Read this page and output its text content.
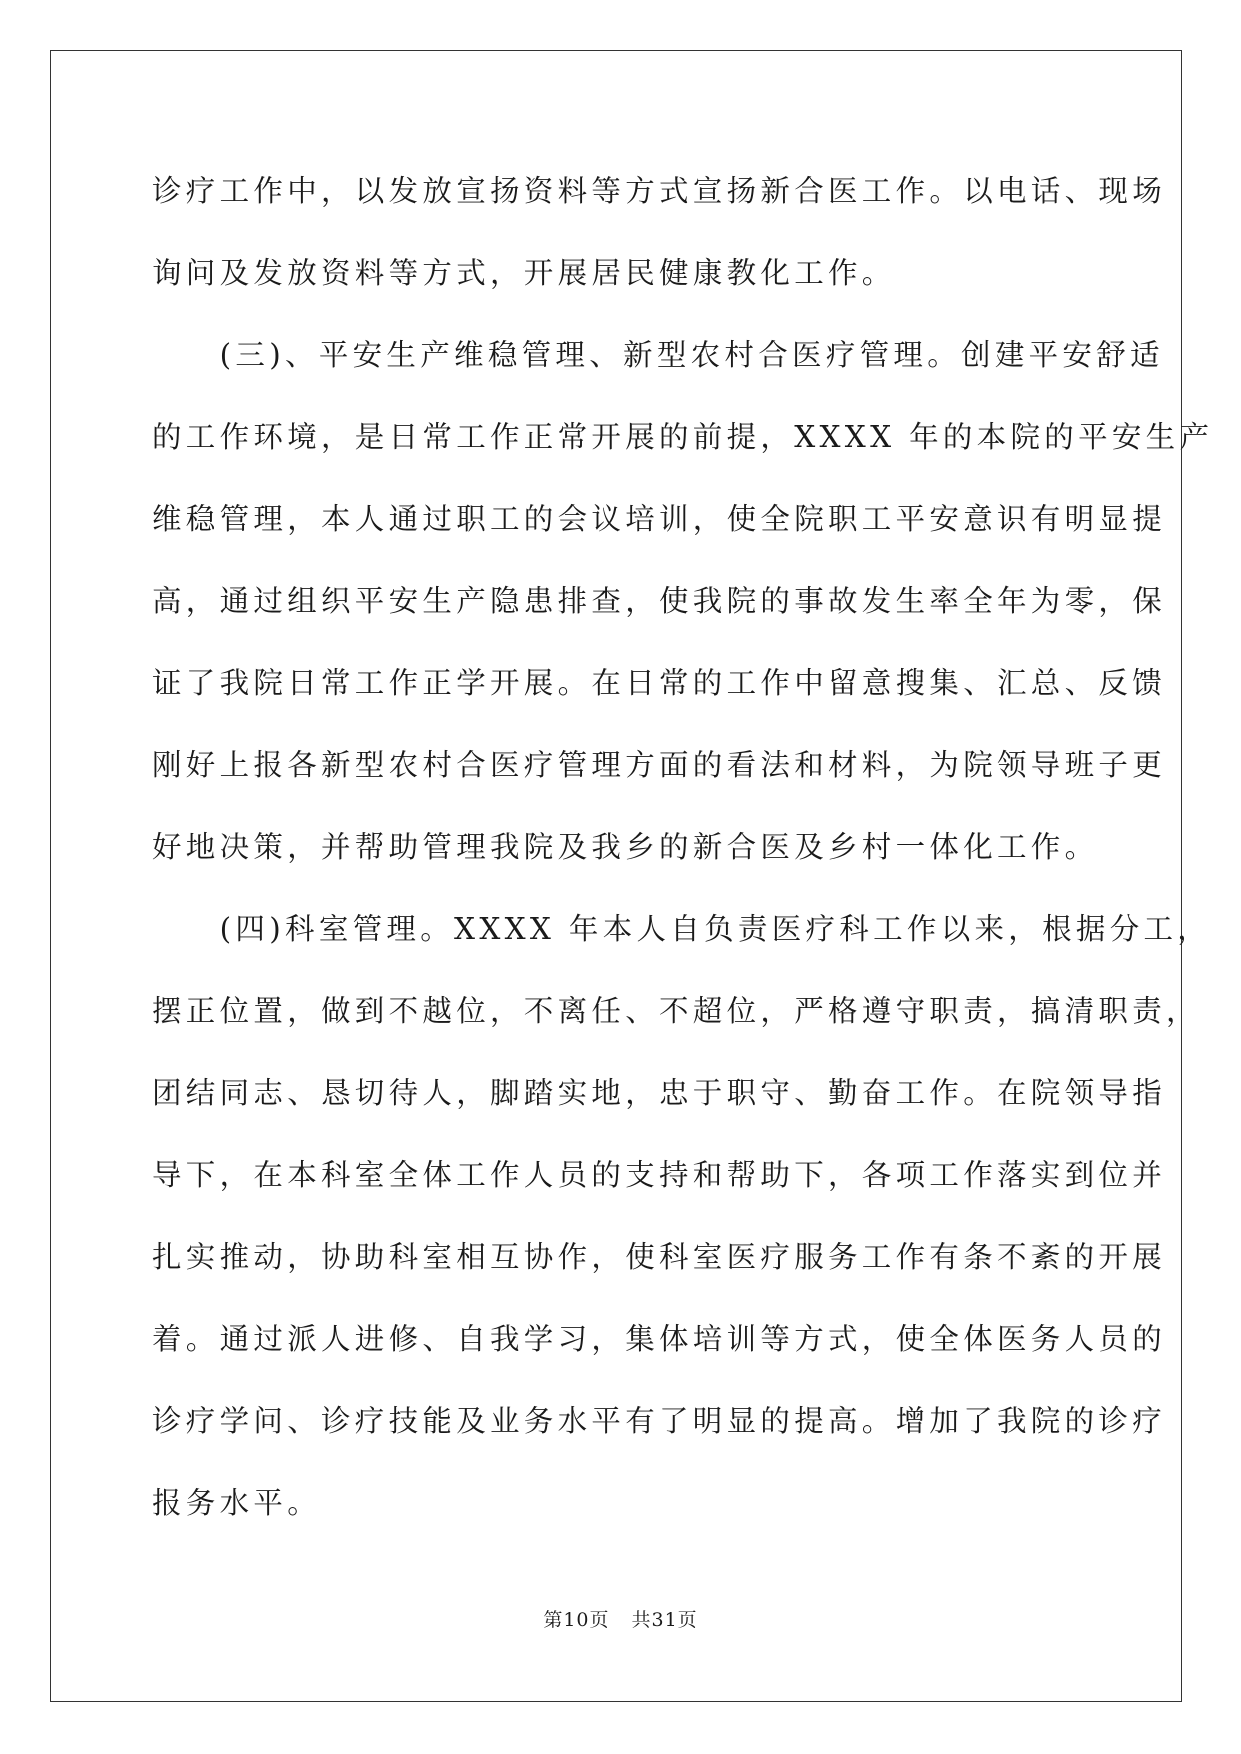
诊疗工作中，以发放宣扬资料等方式宣扬新合医工作。以电话、现场
询问及发放资料等方式，开展居民健康教化工作。
　　(三)、平安生产维稳管理、新型农村合医疗管理。创建平安舒适
的工作环境，是日常工作正常开展的前提，XXXX 年的本院的平安生产
维稳管理，本人通过职工的会议培训，使全院职工平安意识有明显提
高，通过组织平安生产隐患排查，使我院的事故发生率全年为零，保
证了我院日常工作正学开展。在日常的工作中留意搜集、汇总、反馈
刚好上报各新型农村合医疗管理方面的看法和材料，为院领导班子更
好地决策，并帮助管理我院及我乡的新合医及乡村一体化工作。
　　(四)科室管理。XXXX 年本人自负责医疗科工作以来，根据分工，
摆正位置，做到不越位，不离任、不超位，严格遵守职责，搞清职责，
团结同志、恳切待人，脚踏实地，忠于职守、勤奋工作。在院领导指
导下，在本科室全体工作人员的支持和帮助下，各项工作落实到位并
扎实推动，协助科室相互协作，使科室医疗服务工作有条不紊的开展
着。通过派人进修、自我学习，集体培训等方式，使全体医务人员的
诊疗学问、诊疗技能及业务水平有了明显的提高。增加了我院的诊疗
报务水平。
第10页 共31页
